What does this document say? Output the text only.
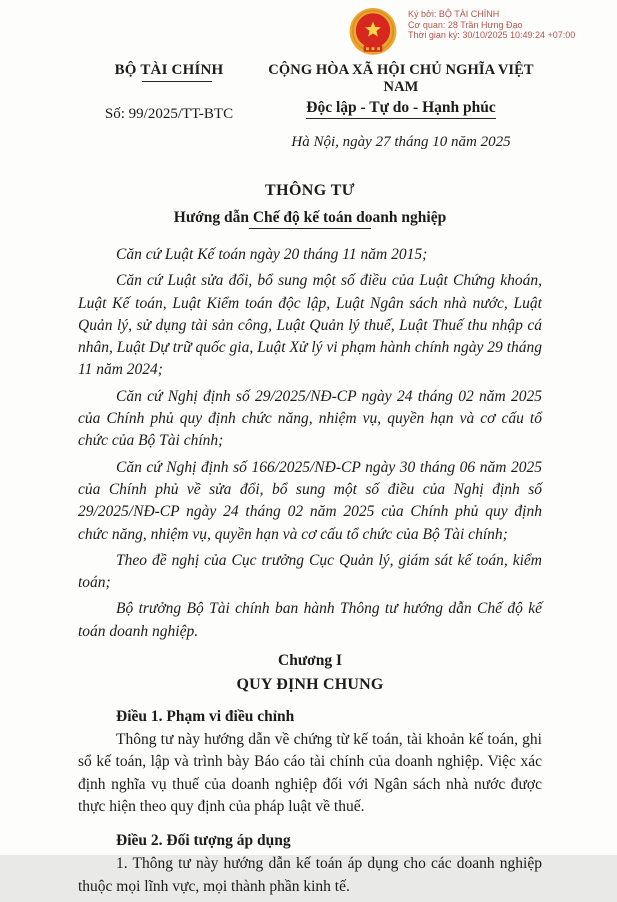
Ký bởi: BỘ TÀI CHÍNH
Cơ quan: 28 Trần Hưng Đạo
Thời gian ký: 30/10/2025 10:49:24 +07:00
BỘ TÀI CHÍNH
Số: 99/2025/TT-BTC
CỘNG HÒA XÃ HỘI CHỦ NGHĨA VIỆT NAM
Độc lập - Tự do - Hạnh phúc
Hà Nội, ngày 27 tháng 10 năm 2025
THÔNG TƯ
Hướng dẫn Chế độ kế toán doanh nghiệp

Căn cứ Luật Kế toán ngày 20 tháng 11 năm 2015;

Căn cứ Luật sửa đổi, bổ sung một số điều của Luật Chứng khoán, Luật Kế toán, Luật Kiểm toán độc lập, Luật Ngân sách nhà nước, Luật Quản lý, sử dụng tài sản công, Luật Quản lý thuế, Luật Thuế thu nhập cá nhân, Luật Dự trữ quốc gia, Luật Xử lý vi phạm hành chính ngày 29 tháng 11 năm 2024;

Căn cứ Nghị định số 29/2025/NĐ-CP ngày 24 tháng 02 năm 2025 của Chính phủ quy định chức năng, nhiệm vụ, quyền hạn và cơ cấu tổ chức của Bộ Tài chính;

Căn cứ Nghị định số 166/2025/NĐ-CP ngày 30 tháng 06 năm 2025 của Chính phủ về sửa đổi, bổ sung một số điều của Nghị định số 29/2025/NĐ-CP ngày 24 tháng 02 năm 2025 của Chính phủ quy định chức năng, nhiệm vụ, quyền hạn và cơ cấu tổ chức của Bộ Tài chính;

Theo đề nghị của Cục trưởng Cục Quản lý, giám sát kế toán, kiểm toán;

Bộ trưởng Bộ Tài chính ban hành Thông tư hướng dẫn Chế độ kế toán doanh nghiệp.

Chương I
QUY ĐỊNH CHUNG
Điều 1. Phạm vi điều chỉnh

Thông tư này hướng dẫn về chứng từ kế toán, tài khoản kế toán, ghi sổ kế toán, lập và trình bày Báo cáo tài chính của doanh nghiệp. Việc xác định nghĩa vụ thuế của doanh nghiệp đối với Ngân sách nhà nước được thực hiện theo quy định của pháp luật về thuế.

Điều 2. Đối tượng áp dụng

1. Thông tư này hướng dẫn kế toán áp dụng cho các doanh nghiệp thuộc mọi lĩnh vực, mọi thành phần kinh tế.
